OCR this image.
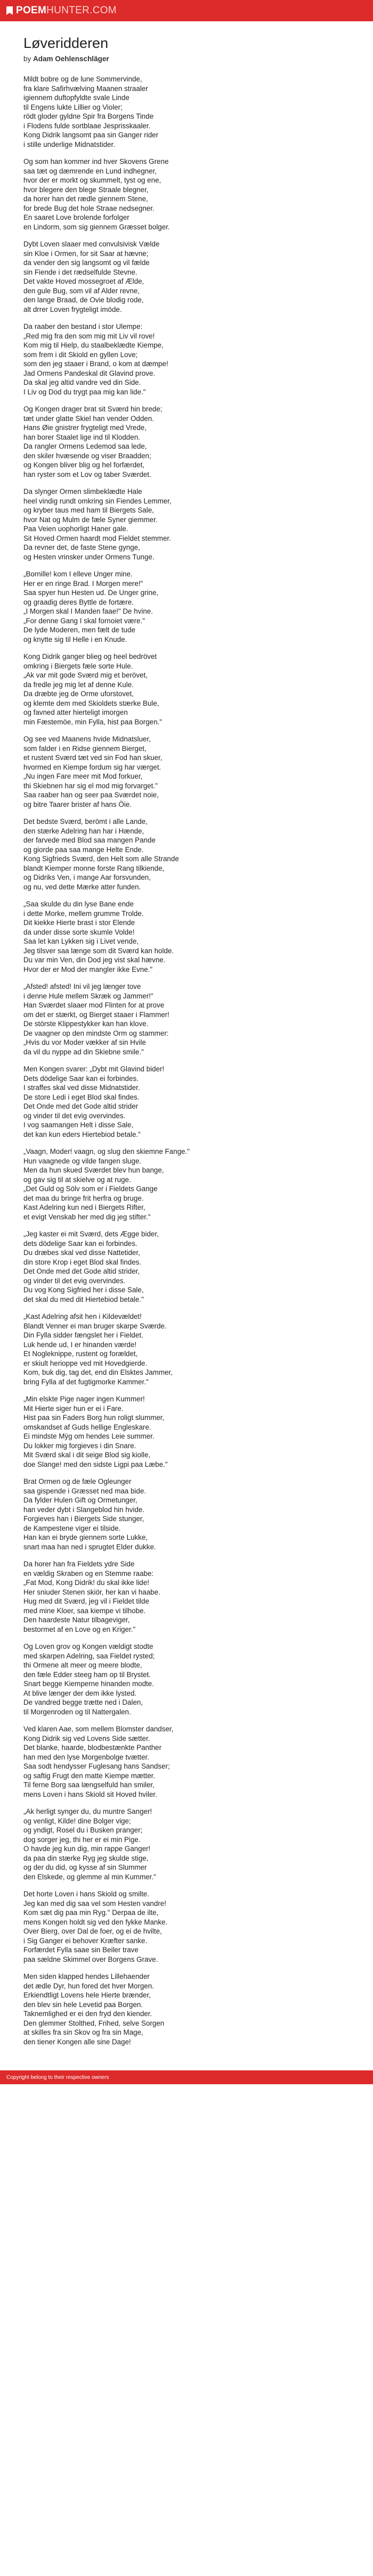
POEM HUNTER.COM
Løveridderen
by Adam Oehlenschläger
Mildt bobre og de lune Sommervinde,
fra klare Safirhvælving Maanen straaler
igiennem duftopfyldte svale Linde
til Engens lukte Lillier og Violer;
rödt gloder gyldne Spir fra Borgens Tinde
i Flodens fulde sortblaae Jesprisskaaler.
Kong Didrik langsomt paa sin Ganger rider
i stille underlige Midnatstider.
Og som han kommer ind hver Skovens Grene
saa tæt og dæmrende en Lund indhegner,
hvor der er morkt og skummelt, tyst og ene,
hvor blegere den blege Straale blegner,
da horer han det rædle giennem Stene,
for brede Bug det hole Straae nedsegner.
En saaret Love brolende forfolger
en Lindorm, som sig giennem Græsset bolger.
Dybt Loven slaaer med convulsivisk Vælde
sin Kloe i Ormen, for sit Saar at hævne;
da vender den sig langsomt og vil fælde
sin Fiende i det rædselfulde Stevne.
Det vakte Hoved mossegroet af Ælde,
den gule Bug, som vil af Alder revne,
den lange Braad, de Ovie blodig rode,
alt drrer Loven frygteligt imöde.
Da raaber den bestand i stor Ulempe:
„Red mig fra den som mig mit Liv vil rove!
Kom mig til Hielp, du staalbeklædte Kiempe,
som frem i dit Skiold en gyllen Love;
som den jeg staaer i Brand, o kom at dæmpe!
Jad Ormens Pandeskal dit Glavind prove.
Da skal jeg altid vandre ved din Side.
I Liv og Dod du trygt paa mig kan lide."
Og Kongen drager brat sit Sværd hin brede;
tæt under glatte Skiel han vender Odden.
Hans Øie gnistrer frygteligt med Vrede,
han borer Staalet lige ind til Klodden.
Da rangler Ormens Ledemod saa lede,
den skiler hvæsende og viser Braadden;
og Kongen bliver blig og hel forfærdet,
han ryster som et Lov og taber Sværdet.
Da slynger Ormen slimbeklædte Hale
heel vindig rundt omkring sin Fiendes Lemmer,
og kryber taus med ham til Biergets Sale,
hvor Nat og Mulm de fæle Syner giemmer.
Paa Veien uophorligt Haner gale.
Sit Hoved Ormen haardt mod Fieldet stemmer.
Da revner det, de faste Stene gynge,
og Hesten vrinsker under Ormens Tunge.
„Bornille! kom I elleve Unger mine.
Her er en ringe Brad. I Morgen mere!"
Saa spyer hun Hesten ud. De Unger grine,
og graadig deres Byttle de fortære.
„I Morgen skal I Manden faae!" De hvine.
„For denne Gang I skal fornoiet være."
De lyde Moderen, men fælt de tude
og knytte sig til Helle i en Knude.
Kong Didrik ganger blieg og heel bedrövet
omkring i Biergets fæle sorte Hule.
„Ak var mit gode Sværd mig et berövet,
da fredle jeg mig let af denne Kule.
Da dræbte jeg de Orme uforstovet,
og klemte dem med Skioldets stærke Bule,
og favned atter hierteligt imorgen
min Fæstemöe, min Fylla, hist paa Borgen."
Og see ved Maanens hvide Midnatsluer,
som falder i en Ridse giennem Bierget,
et rustent Sværd tæt ved sin Fod han skuer,
hvormed en Kiempe fordum sig har værget.
„Nu ingen Fare meer mit Mod forkuer,
thi Skiebnen har sig el mod mig forvarget."
Saa raaber han og seer paa Sværdet noie,
og bitre Taarer brister af hans Öie.
Det bedste Sværd, berömt i alle Lande,
den stærke Adelring han har i Hænde,
der farvede med Blod saa mangen Pande
og giorde paa saa mange Helte Ende.
Kong Sigfrieds Sværd, den Helt som alle Strande
blandt Kiemper monne forste Rang tilkiende,
og Didriks Ven, i mange Aar forsvunden,
og nu, ved dette Mærke atter funden.
„Saa skulde du din lyse Bane ende
i dette Morke, mellem grumme Trolde.
Dit kiekke Hierte brast i stor Elende
da under disse sorte skumle Volde!
Saa let kan Lykken sig i Livet vende,
Jeg tilsver saa længe som dit Sværd kan holde.
Du var min Ven, din Dod jeg vist skal hævne.
Hvor der er Mod der mangler ikke Evne."
„Afsted! afsted! Ini vil jeg længer tove
i denne Hule mellem Skræk og Jammer!"
Han Sværdet slaaer mod Flinten for at prove
om det er stærkt, og Bierget staaer i Flammer!
De störste Klippestykker kan han klove.
De vaagner op den mindste Orm og stammer:
„Hvis du vor Moder vækker af sin Hvile
da vil du nyppe ad din Skiebne smile."
Men Kongen svarer: „Dybt mit Glavind bider!
Dets dödelige Saar kan ei forbindes.
I straffes skal ved disse Midnatstider.
De store Ledi i eget Blod skal findes.
Det Onde med det Gode altid strider
og vinder til det evig overvindes.
I vog saamangen Helt i disse Sale,
det kan kun eders Hiertebiod betale."
„Vaagn, Moder! vaagn, og slug den skiemne Fange."
Hun vaagnede og vilde fangen sluge.
Men da hun skued Sværdet blev hun bange,
og gav sig til at skielve og at ruge.
„Det Guld og Sölv som er i Fieldets Gange
det maa du bringe frit herfra og bruge.
Kast Adelring kun ned i Biergets Rifter,
et evigt Venskab her med dig jeg stifter."
„Jeg kaster ei mit Sværd, dets Ægge bider,
dets dödelige Saar kan ei forbindes.
Du dræbes skal ved disse Nattetider,
din store Krop i eget Blod skal findes.
Det Onde med det Gode altid strider,
og vinder til det evig overvindes.
Du vog Kong Sigfried her i disse Sale,
det skal du med dit Hiertebiod betale."
„Kast Adelring afsit hen i Kildevældet!
Blandt Venner ei man bruger skarpe Sværde.
Din Fylla sidder fængslet her i Fieldet.
Luk hende ud, I er hinanden værde!
Et Nogleknippe, rustent og forældet,
er skiult herioppe ved mit Hovedgierde.
Kom, buk dig, tag det, end din Elsktes Jammer,
bring Fylla af det fugtigmorke Kammer."
„Min elskte Pige nager ingen Kummer!
Mit Hierte siger hun er ei i Fare.
Hist paa sin Faders Borg hun roligt slummer,
omskandset af Guds hellige Engleskare.
Ei mindste Mÿg om hendes Leie summer.
Du lokker mig forgieves i din Snare.
Mit Sværd skal i dit seige Blod sig kiolle,
doe Slange! med den sidste Ligpi paa Læbe."
Brat Ormen og de fæle Ogleunger
saa gispende i Græsset ned maa bide.
Da fylder Hulen Gift og Ormetunger,
han veder dybt i Slangeblod hin hvide.
Forgieves han i Biergets Side stunger,
de Kampestene viger ei tilside.
Han kan ei bryde giennem sorte Lukke,
snart maa han ned i sprugtet Elder dukke.
Da horer han fra Fieldets ydre Side
en vældig Skraben og en Stemme raabe:
„Fat Mod, Kong Didrik! du skal ikke lide!
Her sniuder Stenen skiör, her kan vi haabe.
Hug med dit Sværd, jeg vil i Fieldet tilde
med mine Kloer, saa kiempe vi tilhobe.
Den haardeste Natur tilbageviger,
bestormet af en Love og en Kriger."
Og Loven grov og Kongen vældigt stodte
med skarpen Adelring, saa Fieldet rysted;
thi Ormene alt meer og meere blodte,
den fæle Edder steeg ham op til Brystet.
Snart begge Kiemperne hinanden modte.
At blive længer der dem ikke lysted.
De vandred begge trætte ned i Dalen,
til Morgenroden og til Nattergalen.
Ved klaren Aae, som mellem Blomster dandser,
Kong Didrik sig ved Lovens Side sætter.
Det blanke, haarde, blodbestænkte Panther
han med den lyse Morgenbolge tvætter.
Saa sodt hendysser Fuglesang hans Sandser;
og saftig Frugt den matte Kiempe mætter.
Til ferne Borg saa længselfuld han smiler,
mens Loven i hans Skiold sit Hoved hviler.
„Ak herligt synger du, du muntre Sanger!
og venligt, Kilde! dine Bolger vige;
og yndigt, Rosel du i Busken pranger;
dog sorger jeg, thi her er ei min Pige.
O havde jeg kun dig, min rappe Ganger!
da paa din stærke Ryg jeg skulde stige,
og der du did, og kysse af sin Slummer
den Elskede, og glemme al min Kummer."
Det horte Loven i hans Skiold og smilte.
Jeg kan med dig saa vel som Hesten vandre!
Kom sæt dig paa min Ryg." Derpaa de ilte,
mens Kongen holdt sig ved den fykke Manke.
Over Bierg, over Dal de foer, og ei de hvilte,
i Sig Ganger ei behover Kræfter sanke.
Forfærdet Fylla saae sin Beiler trave
paa sældne Skimmel over Borgens Grave.
Men siden klapped hendes Lillehaender
det ædle Dyr, hun fored det hver Morgen.
Erkiendtligt Lovens hele Hierte brænder,
den blev sin hele Levetid paa Borgen.
Taknemlighed er ei den fryd den kiender.
Den glemmer Stolthed, Frihed, selve Sorgen
at skilles fra sin Skov og fra sin Mage,
den tiener Kongen alle sine Dage!
Copyright belong to their respective owners
